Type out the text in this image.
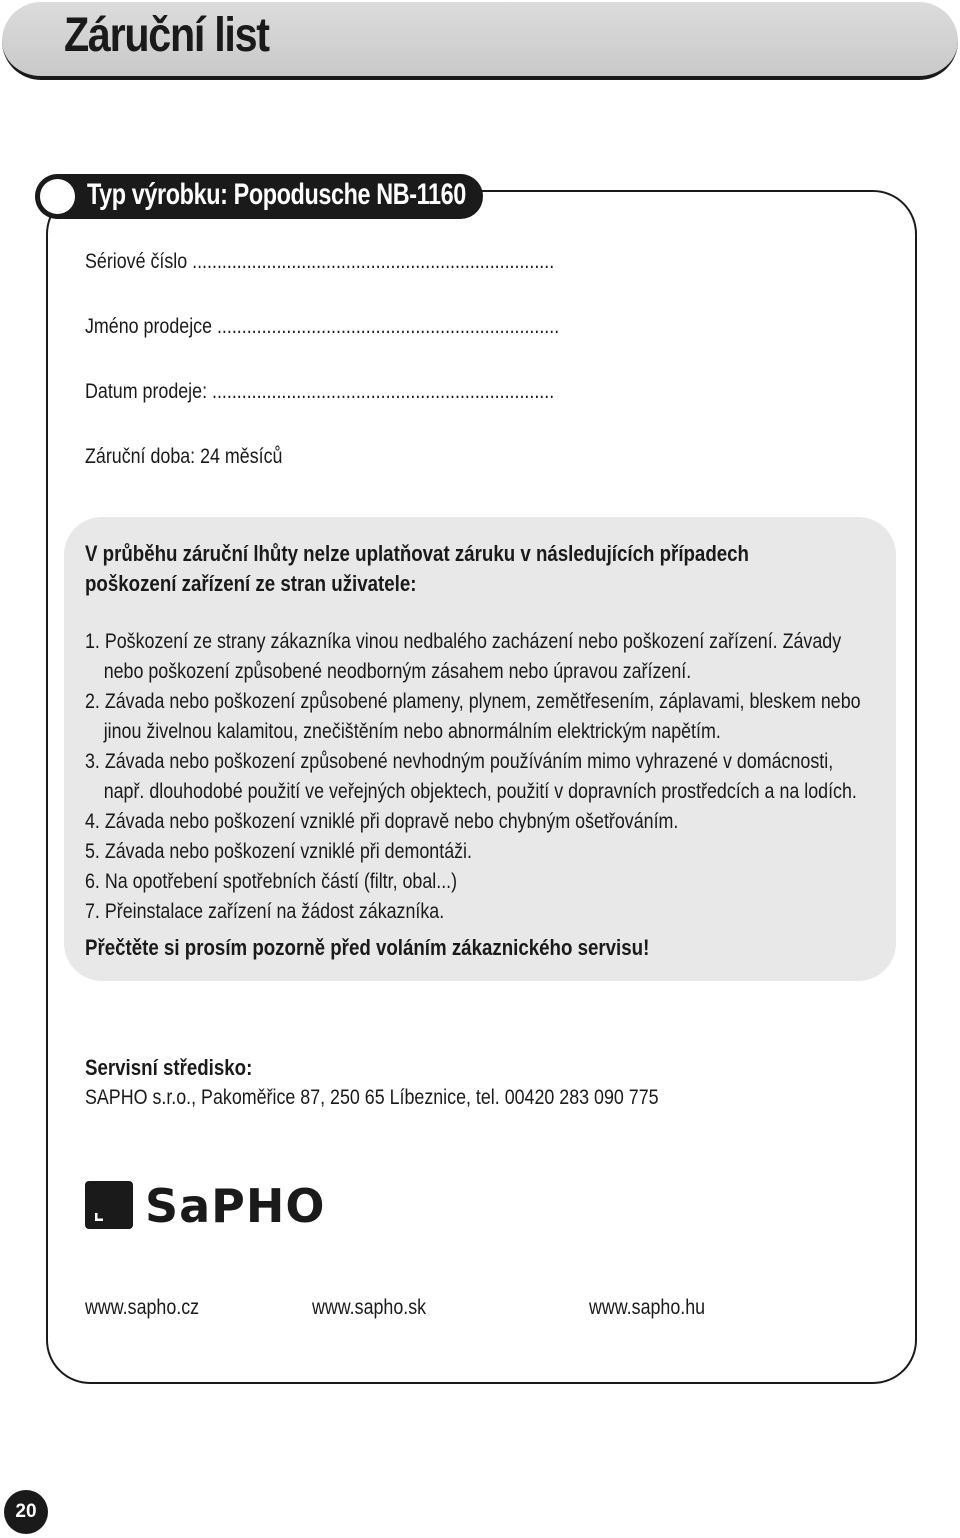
Záruční list
Typ výrobku: Popodusche NB-1160
Sériové číslo .........................................................................
Jméno prodejce .....................................................................
Datum prodeje: .....................................................................
Záruční doba: 24 měsíců

V průběhu záruční lhůty nelze uplatňovat záruku v následujících případech poškození zařízení ze stran uživatele:

1. Poškození ze strany zákazníka vinou nedbalého zacházení nebo poškození zařízení. Závady nebo poškození způsobené neodborným zásahem nebo úpravou zařízení.
2. Závada nebo poškození způsobené plameny, plynem, zemětřesením, záplavami, bleskem nebo jinou živelnou kalamitou, znečištěním nebo abnormálním elektrickým napětím.
3. Závada nebo poškození způsobené nevhodným používáním mimo vyhrazené v domácnosti, např. dlouhodobé použití ve veřejných objektech, použití v dopravních prostředcích a na lodích.
4. Závada nebo poškození vzniklé při dopravě nebo chybným ošetřováním.
5. Závada nebo poškození vzniklé při demontáži.
6. Na opotřebení spotřebních částí (filtr, obal...)
7. Přeinstalace zařízení na žádost zákazníka.
Přečtěte si prosím pozorně před voláním zákaznického servisu!
Servisní středisko:
SAPHO s.r.o., Pakoměřice 87, 250 65 Líbeznice, tel. 00420 283 090 775
SaPHO
www.sapho.cz	www.sapho.sk	www.sapho.hu
20
